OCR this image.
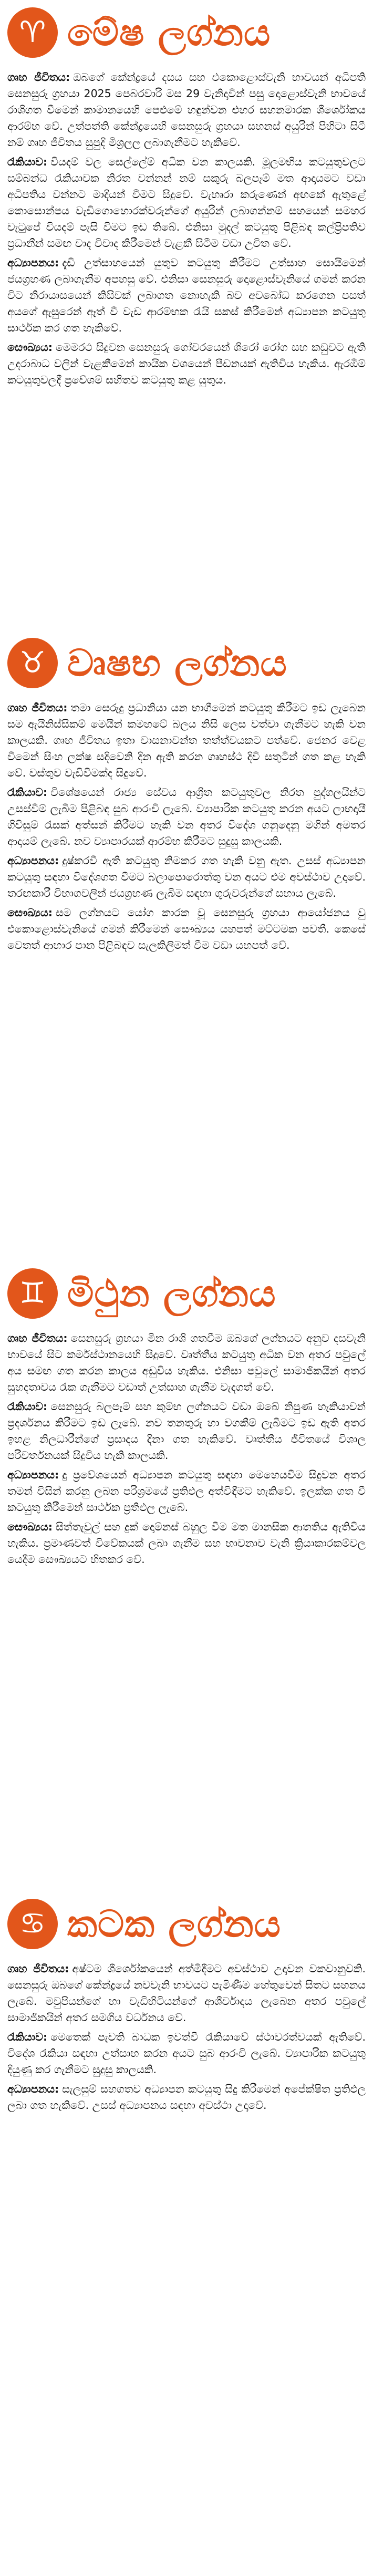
♈ මේෂ ලග්නය

ගෘහ ජීවිතය: ඔබගේ කේන්ද්‍රයේ දසය සහ එකොළොස්වැනි භාවයන් අධිපති සෙනසුරු ග්‍රහයා 2025 පෙබරවාරි මස 29 වැනිදාවින් පසු දොළොස්වැනි භාවයේ රාශිගත වීමෙන් කාමානයෙහි පෙළුමේ හඳුන්වන එහර සහනමාරක ශීර්ශෝකය ආරම්භ වේ. උත්පත්ති කේන්ද්‍රයෙහි සෙනසුරු ග්‍රහයා සහනස් අයුරින් පිහිටා සිටී නම් ගෘහ ජීවිතය සුපුදි මිශ්‍රලල ලබාගැනීමට හැකිවේ.

රැකියාව: වියදම් වල සෙල්ලේම් අධික වන කාලයකි. මූලමභිය කටයුතුවලට සම්බන්ධ රැකියාවක නිරත වන්නන් නම් සකුරු බලපෑම් මත ආදායමට වඩා අධිපතිය වන්නට මාදියන් වීමට සිදුවේ. වැහෘරා කරුණෙන් අඟකේ ඇතුළේ කොසොන්පය වැඩිගොහොරක්වරුන්ගේ අයුරින් ලබාගන්නම් සහයෙන් සමහර වැටුපේ වියදම් පැසි විමට ඉඩ තිබේ. එනිසා මුදල් කටයුතු පිළිබඳ කල්ප්‍රිපතිව ප්‍රධානීන් සමඟ වාද විවාද කිරීමෙන් වැළකී සිටීම වඩා උචිත වේ.

අධ්‍යාපනය: දැඩි උත්සාහයෙන් යුතුව කටයුතු කිරීමට උත්සාහ සොයිමෙන් ජයග්‍රහණ ලබාගැනීම අපහසු වේ. එනිසා සෙනසුරු දොළොස්වැනියේ ගමන් කරන විට නිරායාසයෙන් කිසිවක් ලබාගත නොහැකි බව අවබෝධ කරගෙන පසත් අයගේ ඇසුරෙන් ඈත් වී වැඩ ආරම්භක රැයි සකස් කිරීමෙන් අධ්‍යාපන කටයුතු සාර්ථක කර ගත හැකිවේ.

සෞඛ්‍යය: මෙමරථ සිදුවන සෙනසුරු ගෝචරයෙන් ශිරෝ රෝග සහ කඩුවට ඇති උදරාබාධ වලින් වැළකීමෙන් කායික වශයෙන් පීඩනයක් ඇතිවිය හැකිය. ඇරඹීම් කටයුතුවලදී ප්‍රවේශම් සහිතව කටයුතු කළ යුතුය.

♉ වෘෂභ ලග්නය

ගෘහ ජීවිතය: තමා සෙරුදු ප්‍රධානියා යන භාගීමෙන් කටයුතු කිරීමට ඉඩ ලැබෙන සම ඇයිනිස්සිකම් මෙයින් කමහටේ බලය නිසි ලෙස වත්වා ගැනීමට හැකි වන කාලයකි. ගෘහ ජීවිතය ඉතා වාසනාවන්ත තත්ත්වයකට පත්වේ. ජෙනර වෙළ වීමෙන් සිංහ ලක්ෂ සදිවෙනි දින ඇති කරන ගෘහස්ථ දිවි සතුටින් ගත කළ හැකි වේ. වස්තුව වැඩිවීමක්ද සිදුවේ.

රැකියාව: විශේෂයෙන් රාජ්‍ය සේවය ආශ්‍රිත කටයුතුවල නිරත පුද්ගලයින්ට උසස්වීම් ලැබීම පිළිබඳ සුබ ආරංචි ලැබේ. ව්‍යාපාරික කටයුතු කරන අයට ලාභදායී ගිවිසුම් රැසක් අත්සන් කිරීමට හැකි වන අතර විදේශ ගනුදෙනු මගින් අමතර ආදායම් ලැබේ. නව ව්‍යාපාරයක් ආරම්භ කිරීමට සුදුසු කාලයකි.

අධ්‍යාපනය: දුෂ්කරවී ඇති කටයුතු නිමකර ගත හැකි වනු ඇත. උසස් අධ්‍යාපන කටයුතු සඳහා විදේශගත වීමට බලාපොරොත්තු වන අයට එම අවස්ථාව උදාවේ. තරඟකාරී විභාගවලින් ජයග්‍රහණ ලැබීම සඳහා ගුරුවරුන්ගේ සහාය ලැබේ.

සෞඛ්‍යය: සම ලග්නයට යෝග කාරක වූ සෙනසුරු ග්‍රහයා ආයෝජනය වු එකොළොස්වැනියේ ගමන් කිරීමෙන් සෞඛ්‍යය යහපත් මට්ටමක පවතී. කෙසේ වෙතත් ආහාර පාන පිළිබඳව සැලකිලිමත් වීම වඩා යහපත් වේ.

♊ මිථුන ලග්නය

ගෘහ ජීවිතය: සෙනසුරු ග්‍රහයා මීන රාශි ගතවීම ඔබගේ ලග්නයට අනුව දසවැනි භාවයේ සිට කර්මස්ථානයෙහි සිදුවේ. වෘත්තීය කටයුතු අධික වන අතර පවුලේ අය සමඟ ගත කරන කාලය අඩුවිය හැකිය. එනිසා පවුලේ සාමාජිකයින් අතර සුහදතාවය රැක ගැනීමට වඩාත් උත්සාහ ගැනීම වැදගත් වේ.

රැකියාව: සෙනසුරු බලපෑම් සහ කුම්භ ලග්නයට වඩා ඔබේ නිපුණ හැකියාවන් ප්‍රදර්ශනය කිරීමට ඉඩ ලැබේ. නව තනතුරු හා වගකීම් ලැබීමට ඉඩ ඇති අතර ඉහළ නිලධාරීන්ගේ ප්‍රසාදය දිනා ගත හැකිවේ. වෘත්තීය ජීවිතයේ විශාල පරිවර්තනයක් සිදුවිය හැකි කාලයකි.

අධ්‍යාපනය: දු ප්‍රවේශයෙන් අධ්‍යාපන කටයුතු සඳහා මෙහෙයවීම සිදුවන අතර තමන් විසින් කරනු ලබන පරිශ්‍රමයේ ප්‍රතිඵල අත්විඳීමට හැකිවේ. ඉලක්ක ගත වී කටයුතු කිරීමෙන් සාර්ථක ප්‍රතිඵල ලැබේ.

සෞඛ්‍යය: සිත්තැවුල් සහ දුක් දොම්නස් බහුල වීම මත මානසික ආතතිය ඇතිවිය හැකිය. ප්‍රමාණවත් විවේකයක් ලබා ගැනීම සහ භාවනාව වැනි ක්‍රියාකාරකම්වල යෙදීම සෞඛ්‍යයට හිතකර වේ.

♋ කටක ලග්නය

ගෘහ ජීවිතය: අෂ්ටම ශීර්ශෝකයෙන් අත්මිදීමට අවස්ථාව උදාවන වකවානුවකි. සෙනසුරු ඔබගේ කේන්ද්‍රයේ නවවැනි භාවයට පැමිණීම හේතුවෙන් සිතට සහනය ලැබේ. මවුපියන්ගේ හා වැඩිහිටියන්ගේ ආශීර්වාදය ලැබෙන අතර පවුලේ සාමාජිකයින් අතර සමගිය වර්ධනය වේ.

රැකියාව: මෙතෙක් පැවති බාධක ඉවත්වී රැකියාවේ ස්ථාවරත්වයක් ඇතිවේ. විදේශ රැකියා සඳහා උත්සාහ කරන අයට සුබ ආරංචි ලැබේ. ව්‍යාපාරික කටයුතු දියුණු කර ගැනීමට සුදුසු කාලයකි.

අධ්‍යාපනය: සැලසුම් සහගතව අධ්‍යාපන කටයුතු සිදු කිරීමෙන් අපේක්ෂිත ප්‍රතිඵල ලබා ගත හැකිවේ. උසස් අධ්‍යාපනය සඳහා අවස්ථා උදාවේ.
